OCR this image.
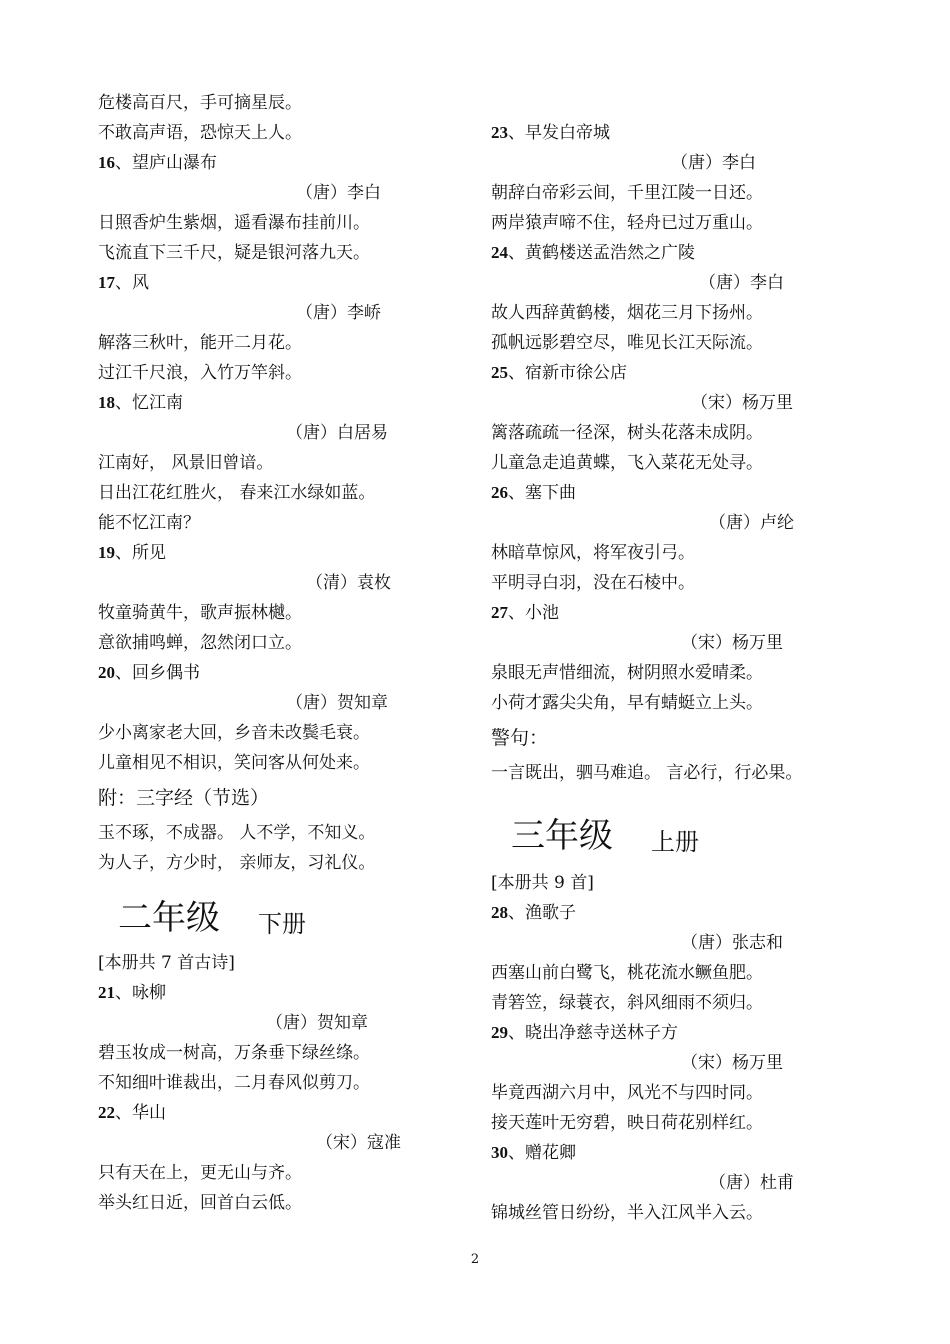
危楼高百尺，手可摘星辰。
不敢高声语，恐惊天上人。
16、望庐山瀑布
（唐）李白
日照香炉生紫烟，遥看瀑布挂前川。
飞流直下三千尺，疑是银河落九天。
17、风
（唐）李峤
解落三秋叶，能开二月花。
过江千尺浪，入竹万竿斜。
18、忆江南
（唐）白居易
江南好， 风景旧曾谙。
日出江花红胜火， 春来江水绿如蓝。
能不忆江南？
19、所见
（清）袁枚
牧童骑黄牛，歌声振林樾。
意欲捕鸣蝉，忽然闭口立。
20、回乡偶书
（唐）贺知章
少小离家老大回，乡音未改鬓毛衰。
儿童相见不相识，笑问客从何处来。
附：三字经（节选）
玉不琢，不成器。 人不学，不知义。
为人子，方少时， 亲师友，习礼仪。
二年级 下册
[本册共 7 首古诗]
21、咏柳
（唐）贺知章
碧玉妆成一树高，万条垂下绿丝绦。
不知细叶谁裁出，二月春风似剪刀。
22、华山
（宋）寇准
只有天在上，更无山与齐。
举头红日近，回首白云低。
23、早发白帝城
（唐）李白
朝辞白帝彩云间，千里江陵一日还。
两岸猿声啼不住，轻舟已过万重山。
24、黄鹤楼送孟浩然之广陵
（唐）李白
故人西辞黄鹤楼，烟花三月下扬州。
孤帆远影碧空尽，唯见长江天际流。
25、宿新市徐公店
（宋）杨万里
篱落疏疏一径深，树头花落未成阴。
儿童急走追黄蝶，飞入菜花无处寻。
26、塞下曲
（唐）卢纶
林暗草惊风，将军夜引弓。
平明寻白羽，没在石棱中。
27、小池
（宋）杨万里
泉眼无声惜细流，树阴照水爱晴柔。
小荷才露尖尖角，早有蜻蜓立上头。
警句：
一言既出，驷马难追。 言必行，行必果。
三年级 上册
[本册共 9 首]
28、渔歌子
（唐）张志和
西塞山前白鹭飞，桃花流水鳜鱼肥。
青箬笠，绿蓑衣，斜风细雨不须归。
29、晓出净慈寺送林子方
（宋）杨万里
毕竟西湖六月中，风光不与四时同。
接天莲叶无穷碧，映日荷花别样红。
30、赠花卿
（唐）杜甫
锦城丝管日纷纷，半入江风半入云。
2
